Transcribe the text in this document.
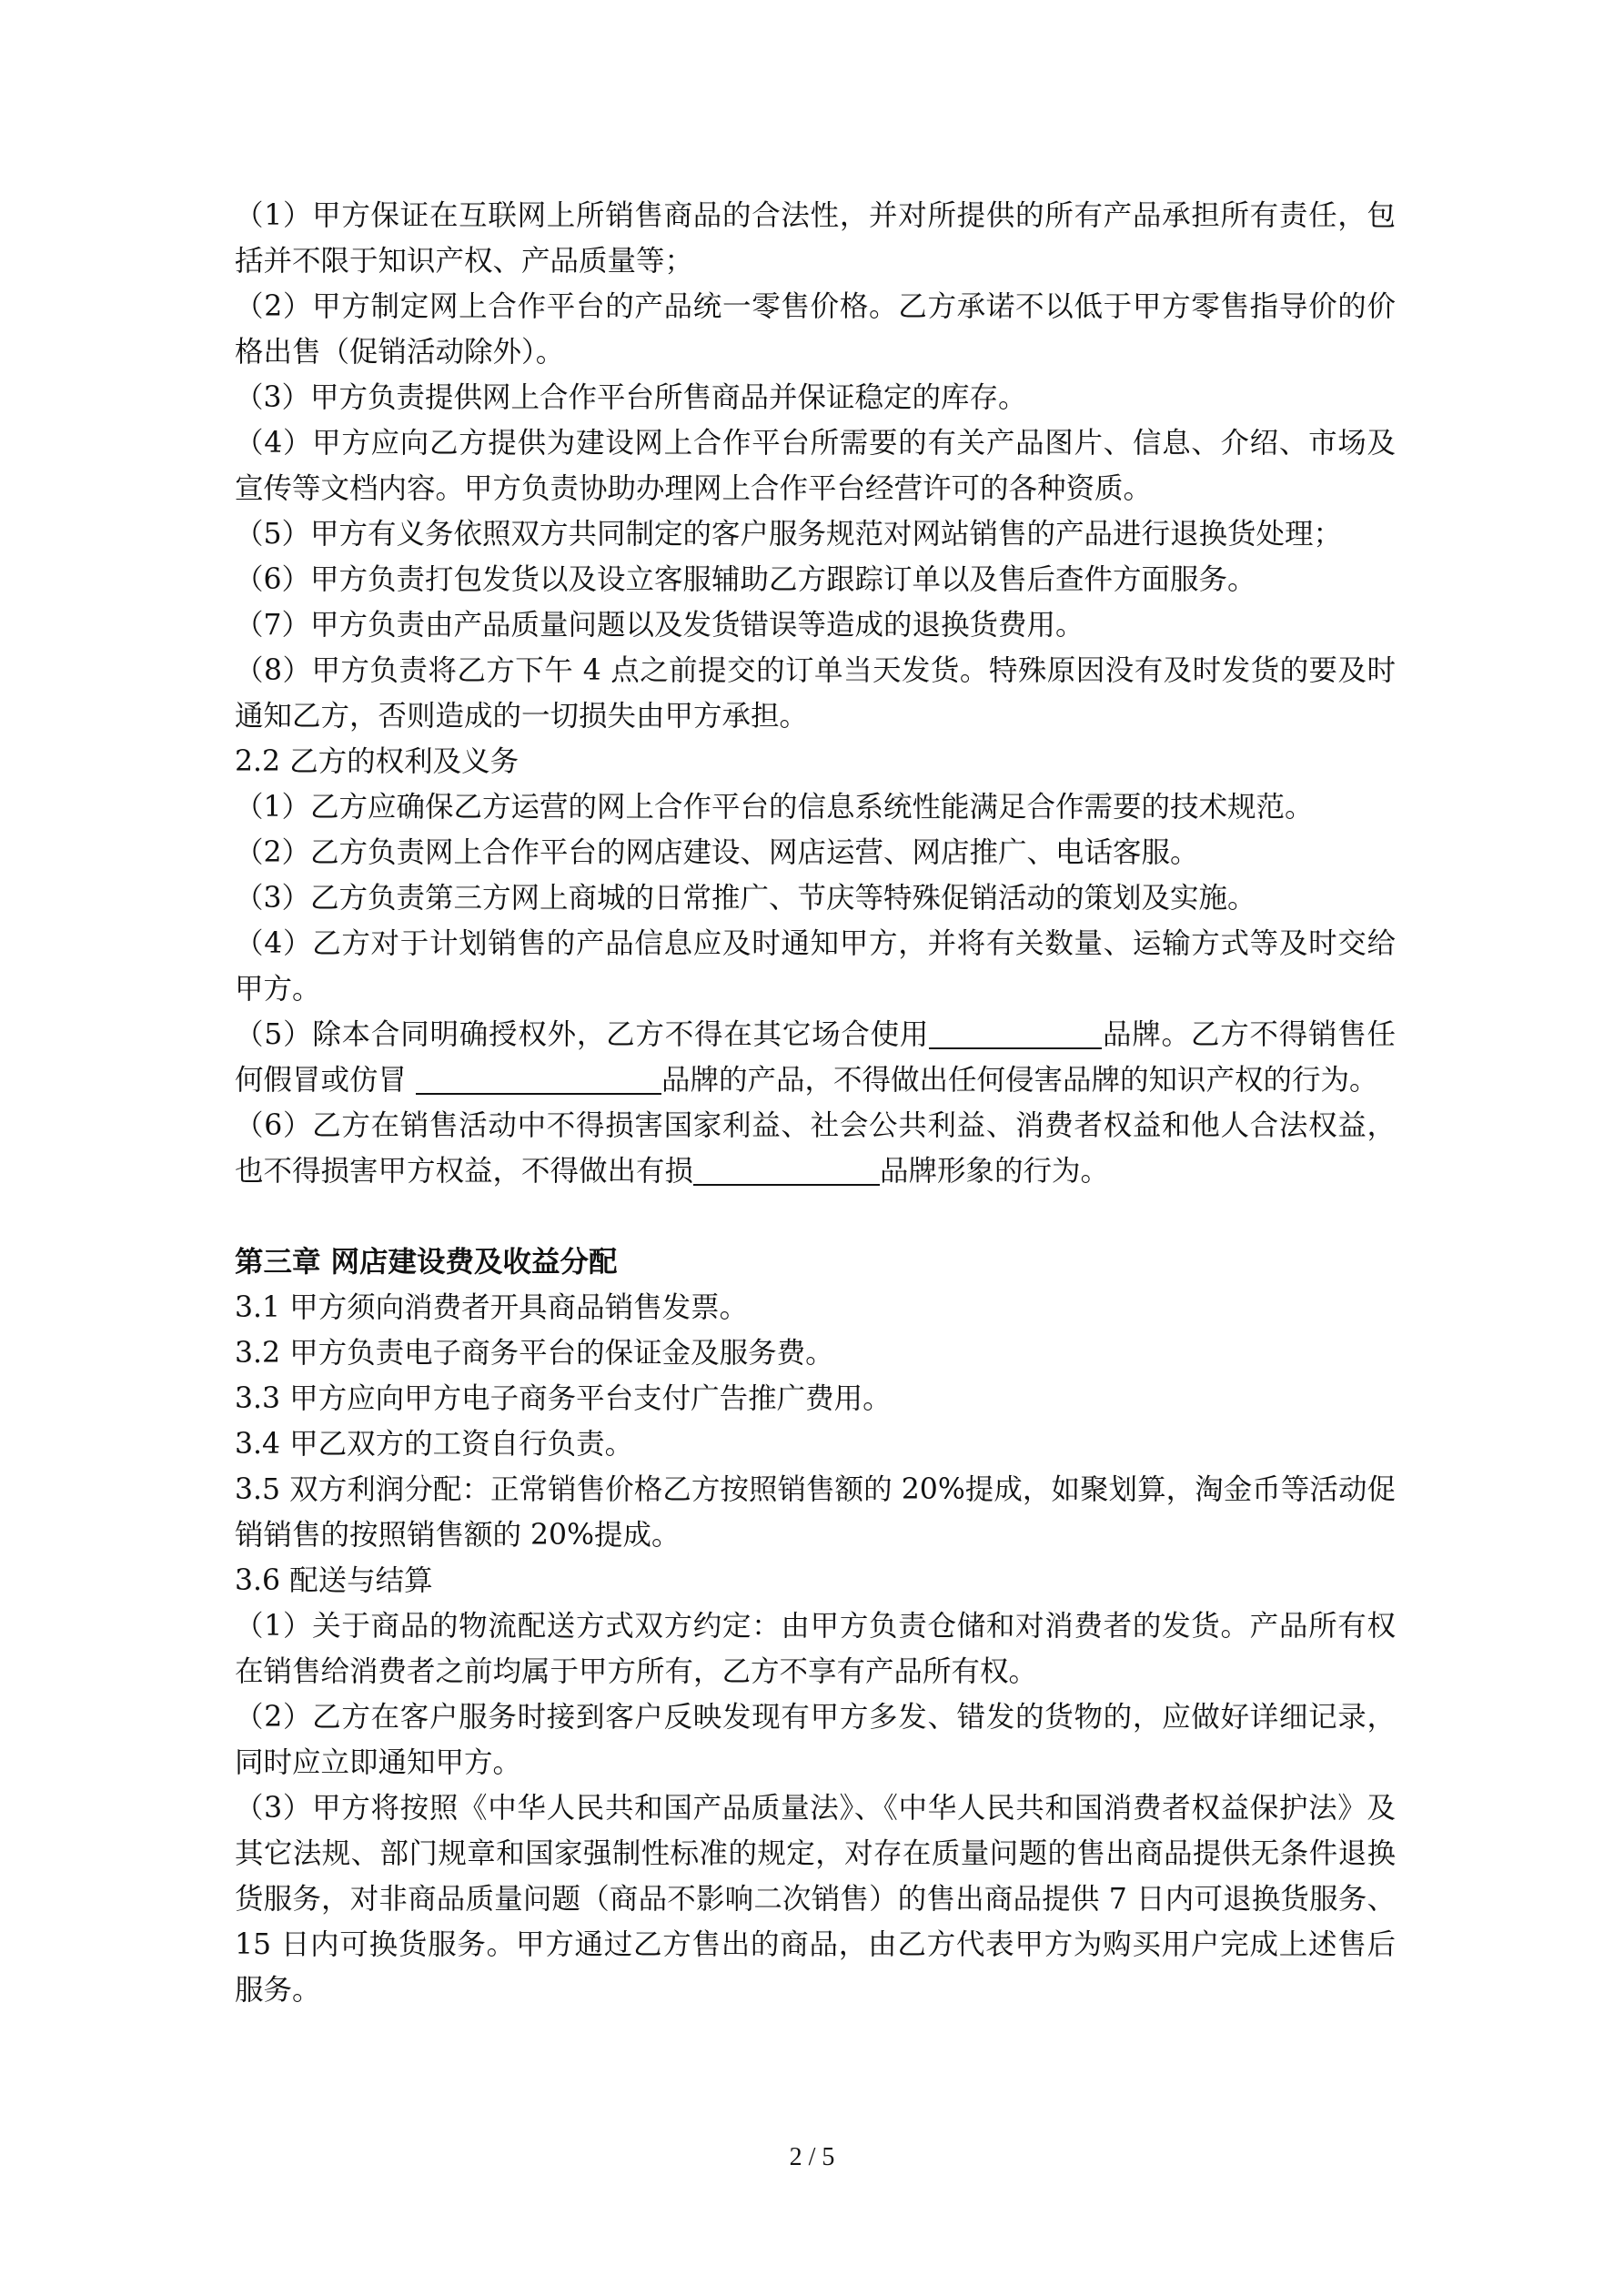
（1）甲方保证在互联网上所销售商品的合法性，并对所提供的所有产品承担所有责任，包括并不限于知识产权、产品质量等；

（2）甲方制定网上合作平台的产品统一零售价格。乙方承诺不以低于甲方零售指导价的价格出售（促销活动除外）。

（3）甲方负责提供网上合作平台所售商品并保证稳定的库存。

（4）甲方应向乙方提供为建设网上合作平台所需要的有关产品图片、信息、介绍、市场及宣传等文档内容。甲方负责协助办理网上合作平台经营许可的各种资质。

（5）甲方有义务依照双方共同制定的客户服务规范对网站销售的产品进行退换货处理；

（6）甲方负责打包发货以及设立客服辅助乙方跟踪订单以及售后查件方面服务。

（7）甲方负责由产品质量问题以及发货错误等造成的退换货费用。

（8）甲方负责将乙方下午 4 点之前提交的订单当天发货。特殊原因没有及时发货的要及时通知乙方，否则造成的一切损失由甲方承担。

2.2 乙方的权利及义务

（1）乙方应确保乙方运营的网上合作平台的信息系统性能满足合作需要的技术规范。

（2）乙方负责网上合作平台的网店建设、网店运营、网店推广、电话客服。

（3）乙方负责第三方网上商城的日常推广、节庆等特殊促销活动的策划及实施。

（4）乙方对于计划销售的产品信息应及时通知甲方，并将有关数量、运输方式等及时交给甲方。

（5）除本合同明确授权外，乙方不得在其它场合使用	品牌。乙方不得销售任何假冒或仿冒	品牌的产品，不得做出任何侵害品牌的知识产权的行为。

（6）乙方在销售活动中不得损害国家利益、社会公共利益、消费者权益和他人合法权益，也不得损害甲方权益，不得做出有损	品牌形象的行为。

第三章 网店建设费及收益分配

3.1 甲方须向消费者开具商品销售发票。

3.2 甲方负责电子商务平台的保证金及服务费。

3.3 甲方应向甲方电子商务平台支付广告推广费用。

3.4 甲乙双方的工资自行负责。

3.5 双方利润分配：正常销售价格乙方按照销售额的 20%提成，如聚划算，淘金币等活动促销销售的按照销售额的 20%提成。

3.6 配送与结算

（1）关于商品的物流配送方式双方约定：由甲方负责仓储和对消费者的发货。产品所有权在销售给消费者之前均属于甲方所有，乙方不享有产品所有权。

（2）乙方在客户服务时接到客户反映发现有甲方多发、错发的货物的，应做好详细记录，同时应立即通知甲方。

（3）甲方将按照《中华人民共和国产品质量法》、《中华人民共和国消费者权益保护法》及其它法规、部门规章和国家强制性标准的规定，对存在质量问题的售出商品提供无条件退换货服务，对非商品质量问题（商品不影响二次销售）的售出商品提供 7 日内可退换货服务、15 日内可换货服务。甲方通过乙方售出的商品，由乙方代表甲方为购买用户完成上述售后服务。

2 / 5
